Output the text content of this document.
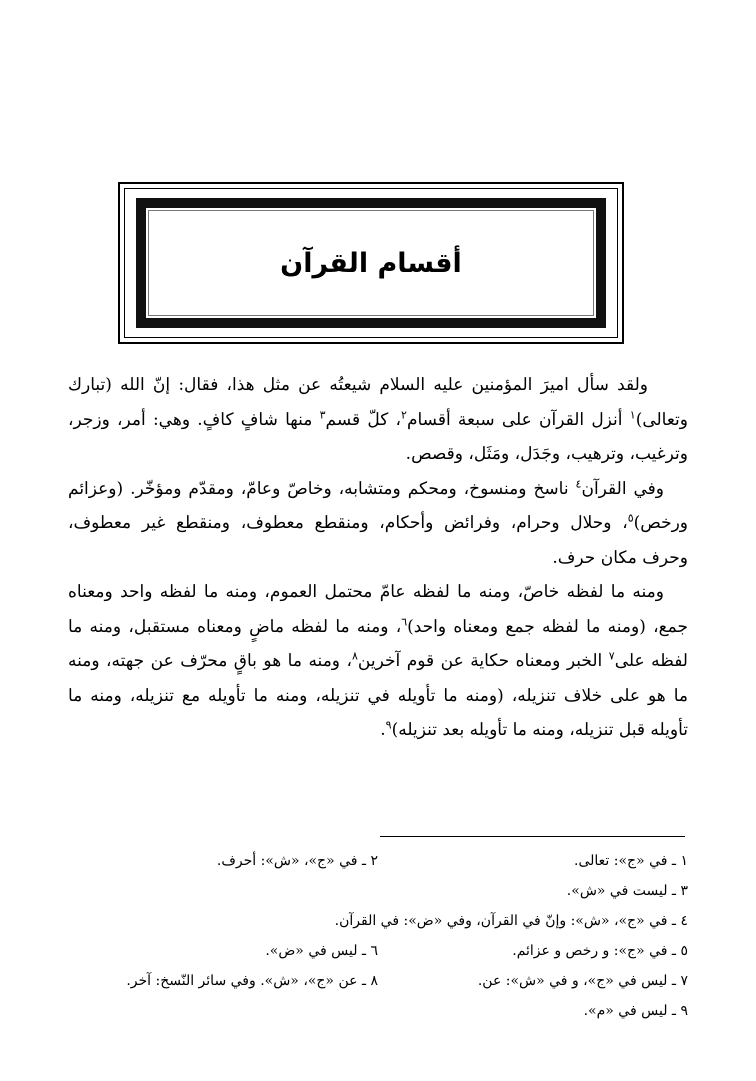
أقسام القرآن

ولقد سأل اميرَ المؤمنين عليه السلام شيعتُه عن مثل هذا، فقال: إنّ الله (تبارك وتعالى)$^١$ أنزل القرآن على سبعة أقسام$^٢$، كلّ قسم$^٣$ منها شافٍ كافٍ. وهي: أمر، وزجر، وترغيب، وترهيب، وجَدَل، ومَثَل، وقصص.

وفي القرآن$^٤$ ناسخ ومنسوخ، ومحكم ومتشابه، وخاصّ وعامّ، ومقدّم ومؤخّر. (وعزائم ورخص)$^٥$، وحلال وحرام، وفرائض وأحكام، ومنقطع معطوف، ومنقطع غير معطوف، وحرف مكان حرف.

ومنه ما لفظه خاصّ، ومنه ما لفظه عامّ محتمل العموم، ومنه ما لفظه واحد ومعناه جمع، (ومنه ما لفظه جمع ومعناه واحد)$^٦$، ومنه ما لفظه ماضٍ ومعناه مستقبل، ومنه ما لفظه على$^٧$ الخبر ومعناه حكاية عن قوم آخرين$^٨$، ومنه ما هو باقٍ محرّف عن جهته، ومنه ما هو على خلاف تنزيله، (ومنه ما تأويله في تنزيله، ومنه ما تأويله مع تنزيله، ومنه ما تأويله قبل تنزيله، ومنه ما تأويله بعد تنزيله)$^٩$.

١ ـ في «ج»: تعالى.
٢ ـ في «ج»، «ش»: أحرف.
٣ ـ ليست في «ش».
٤ ـ في «ج»، «ش»: وإنّ في القرآن، وفي «ض»: في القرآن.
٥ ـ في «ج»: و رخص و عزائم.
٦ ـ ليس في «ض».
٧ ـ ليس في «ج»، و في «ش»: عن.
٨ ـ عن «ج»، «ش». وفي سائر النّسخ: آخر.
٩ ـ ليس في «م».
